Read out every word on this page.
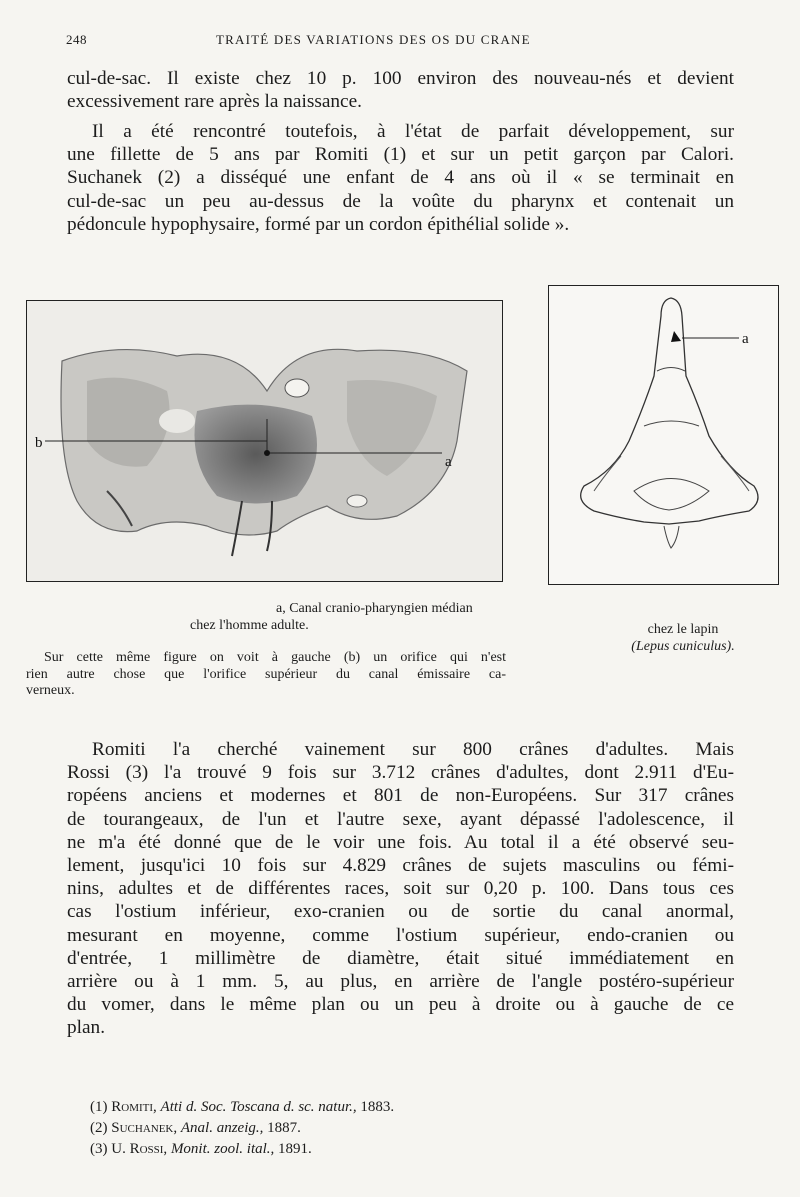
248	TRAITÉ DES VARIATIONS DES OS DU CRANE

cul-de-sac. Il existe chez 10 p. 100 environ des nouveau-nés et devient
excessivement rare après la naissance.

Il a été rencontré toutefois, à l'état de parfait développement, sur
une fillette de 5 ans par Romiti (1) et sur un petit garçon par Calori.
Suchanek (2) a disséqué une enfant de 4 ans où il « se terminait en
cul-de-sac un peu au-dessus de la voûte du pharynx et contenait un
pédoncule hypophysaire, formé par un cordon épithélial solide ».

b
a
a
a, Canal cranio-pharyngien médian
chez l'homme adulte.
Sur cette même figure on voit à gauche (b) un orifice qui n'est
rien autre chose que l'orifice supérieur du canal émissaire ca-
verneux.
chez le lapin
(Lepus cuniculus).

Romiti l'a cherché vainement sur 800 crânes d'adultes. Mais
Rossi (3) l'a trouvé 9 fois sur 3.712 crânes d'adultes, dont 2.911 d'Eu-
ropéens anciens et modernes et 801 de non-Européens. Sur 317 crânes
de tourangeaux, de l'un et l'autre sexe, ayant dépassé l'adolescence, il
ne m'a été donné que de le voir une fois. Au total il a été observé seu-
lement, jusqu'ici 10 fois sur 4.829 crânes de sujets masculins ou fémi-
nins, adultes et de différentes races, soit sur 0,20 p. 100. Dans tous ces
cas l'ostium inférieur, exo-cranien ou de sortie du canal anormal,
mesurant en moyenne, comme l'ostium supérieur, endo-cranien ou
d'entrée, 1 millimètre de diamètre, était situé immédiatement en
arrière ou à 1 mm. 5, au plus, en arrière de l'angle postéro-supérieur
du vomer, dans le même plan ou un peu à droite ou à gauche de ce
plan.

(1) Romiti, Atti d. Soc. Toscana d. sc. natur., 1883.
(2) Suchanek, Anal. anzeig., 1887.
(3) U. Rossi, Monit. zool. ital., 1891.
